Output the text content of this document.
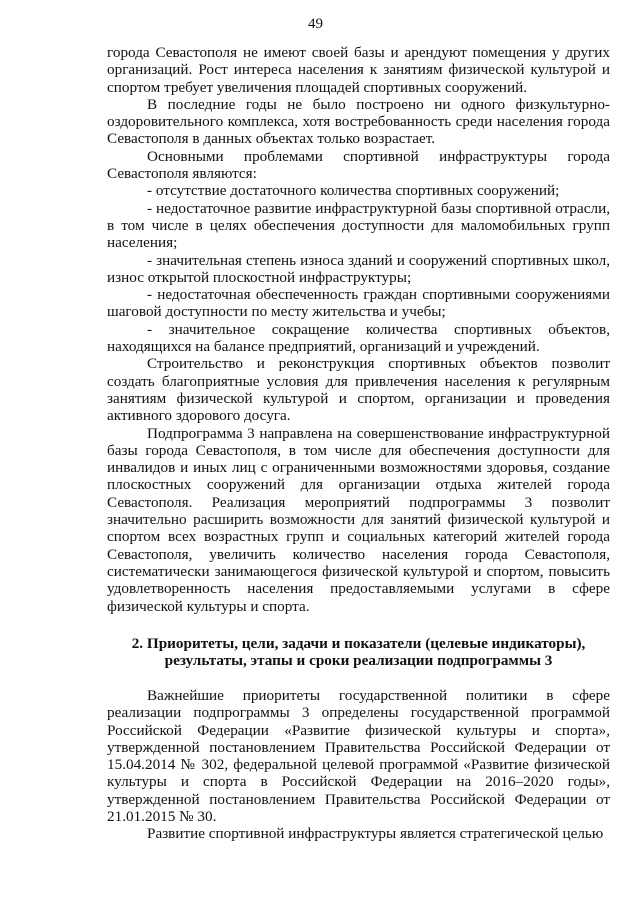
49

города Севастополя не имеют своей базы и арендуют помещения у других организаций. Рост интереса населения к занятиям физической культурой и спортом требует увеличения площадей спортивных сооружений.

В последние годы не было построено ни одного физкультурно-оздоровительного комплекса, хотя востребованность среди населения города Севастополя в данных объектах только возрастает.

Основными проблемами спортивной инфраструктуры города Севастополя являются:

- отсутствие достаточного количества спортивных сооружений;

- недостаточное развитие инфраструктурной базы спортивной отрасли, в том числе в целях обеспечения доступности для маломобильных групп населения;

- значительная степень износа зданий и сооружений спортивных школ, износ открытой плоскостной инфраструктуры;

- недостаточная обеспеченность граждан спортивными сооружениями шаговой доступности по месту жительства и учебы;

- значительное сокращение количества спортивных объектов, находящихся на балансе предприятий, организаций и учреждений.

Строительство и реконструкция спортивных объектов позволит создать благоприятные условия для привлечения населения к регулярным занятиям физической культурой и спортом, организации и проведения активного здорового досуга.

Подпрограмма 3 направлена на совершенствование инфраструктурной базы города Севастополя, в том числе для обеспечения доступности для инвалидов и иных лиц с ограниченными возможностями здоровья, создание плоскостных сооружений для организации отдыха жителей города Севастополя. Реализация мероприятий подпрограммы 3 позволит значительно расширить возможности для занятий физической культурой и спортом всех возрастных групп и социальных категорий жителей города Севастополя, увеличить количество населения города Севастополя, систематически занимающегося физической культурой и спортом, повысить удовлетворенность населения предоставляемыми услугами в сфере физической культуры и спорта.

2. Приоритеты, цели, задачи и показатели (целевые индикаторы),
результаты, этапы и сроки реализации подпрограммы 3

Важнейшие приоритеты государственной политики в сфере реализации подпрограммы 3 определены государственной программой Российской Федерации «Развитие физической культуры и спорта», утвержденной постановлением Правительства Российской Федерации от 15.04.2014 № 302, федеральной целевой программой «Развитие физической культуры и спорта в Российской Федерации на 2016–2020 годы», утвержденной постановлением Правительства Российской Федерации от 21.01.2015 № 30.

Развитие спортивной инфраструктуры является стратегической целью
